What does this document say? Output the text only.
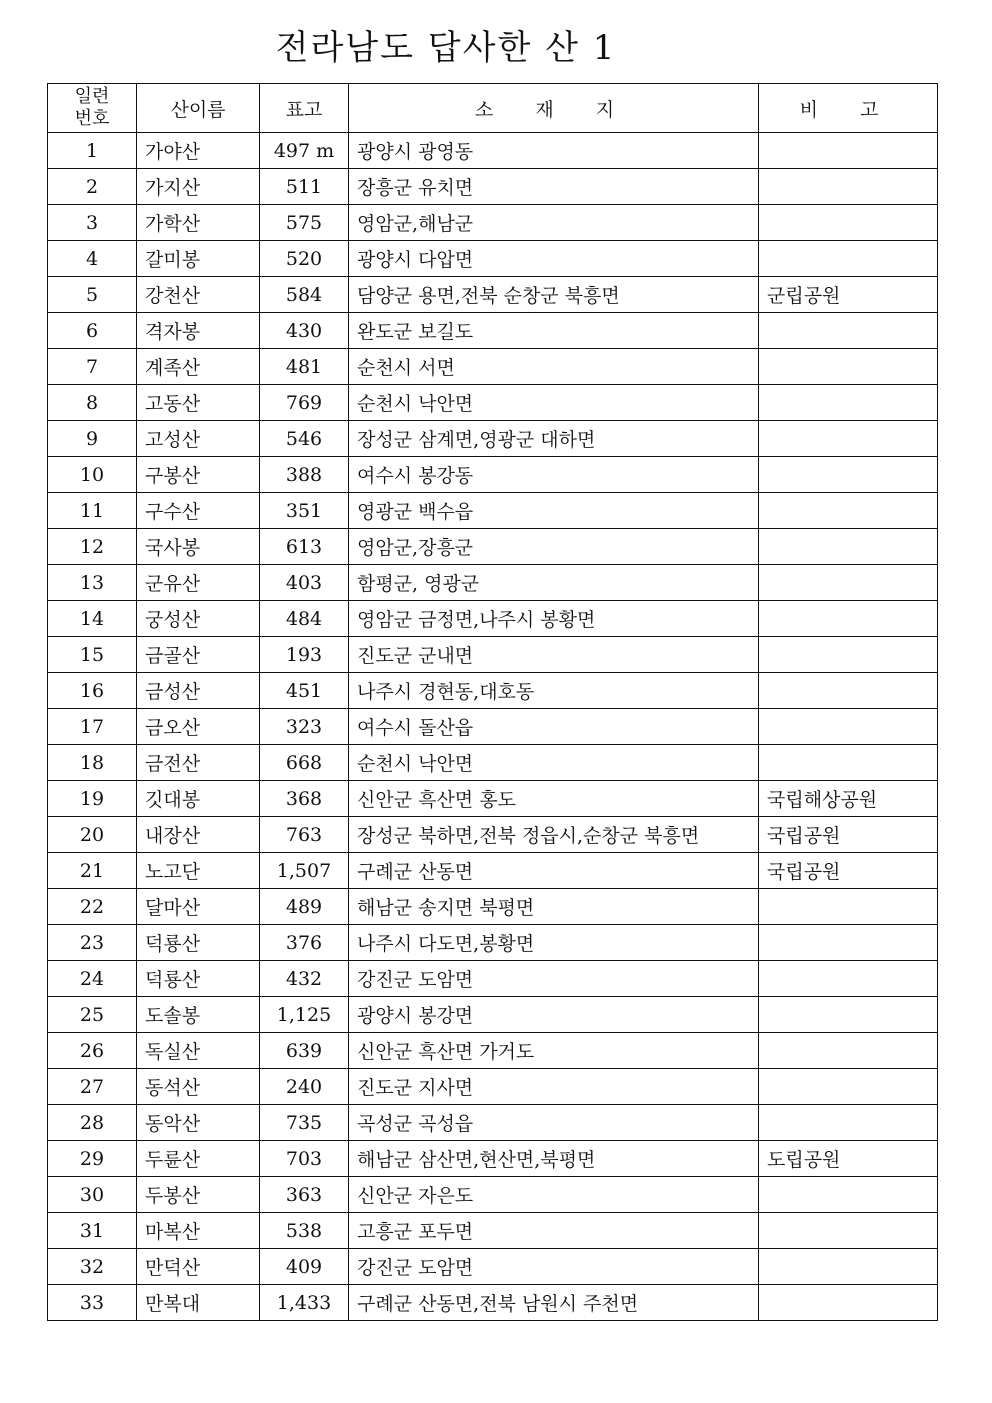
전라남도 답사한 산 1
일련
번호	산이름	표고	소 재 지	비 고
1	가야산	497 m	광양시 광영동	
2	가지산	511	장흥군 유치면	
3	가학산	575	영암군,해남군	
4	갈미봉	520	광양시 다압면	
5	강천산	584	담양군 용면,전북 순창군 북흥면	군립공원
6	격자봉	430	완도군 보길도	
7	계족산	481	순천시 서면	
8	고동산	769	순천시 낙안면	
9	고성산	546	장성군 삼계면,영광군 대하면	
10	구봉산	388	여수시 봉강동	
11	구수산	351	영광군 백수읍	
12	국사봉	613	영암군,장흥군	
13	군유산	403	함평군, 영광군	
14	궁성산	484	영암군 금정면,나주시 봉황면	
15	금골산	193	진도군 군내면	
16	금성산	451	나주시 경현동,대호동	
17	금오산	323	여수시 돌산읍	
18	금전산	668	순천시 낙안면	
19	깃대봉	368	신안군 흑산면 홍도	국립해상공원
20	내장산	763	장성군 북하면,전북 정읍시,순창군 북흥면	국립공원
21	노고단	1,507	구례군 산동면	국립공원
22	달마산	489	해남군 송지면 북평면	
23	덕룡산	376	나주시 다도면,봉황면	
24	덕룡산	432	강진군 도암면	
25	도솔봉	1,125	광양시 봉강면	
26	독실산	639	신안군 흑산면 가거도	
27	동석산	240	진도군 지사면	
28	동악산	735	곡성군 곡성읍	
29	두륜산	703	해남군 삼산면,현산면,북평면	도립공원
30	두봉산	363	신안군 자은도	
31	마복산	538	고흥군 포두면	
32	만덕산	409	강진군 도암면	
33	만복대	1,433	구례군 산동면,전북 남원시 주천면	
